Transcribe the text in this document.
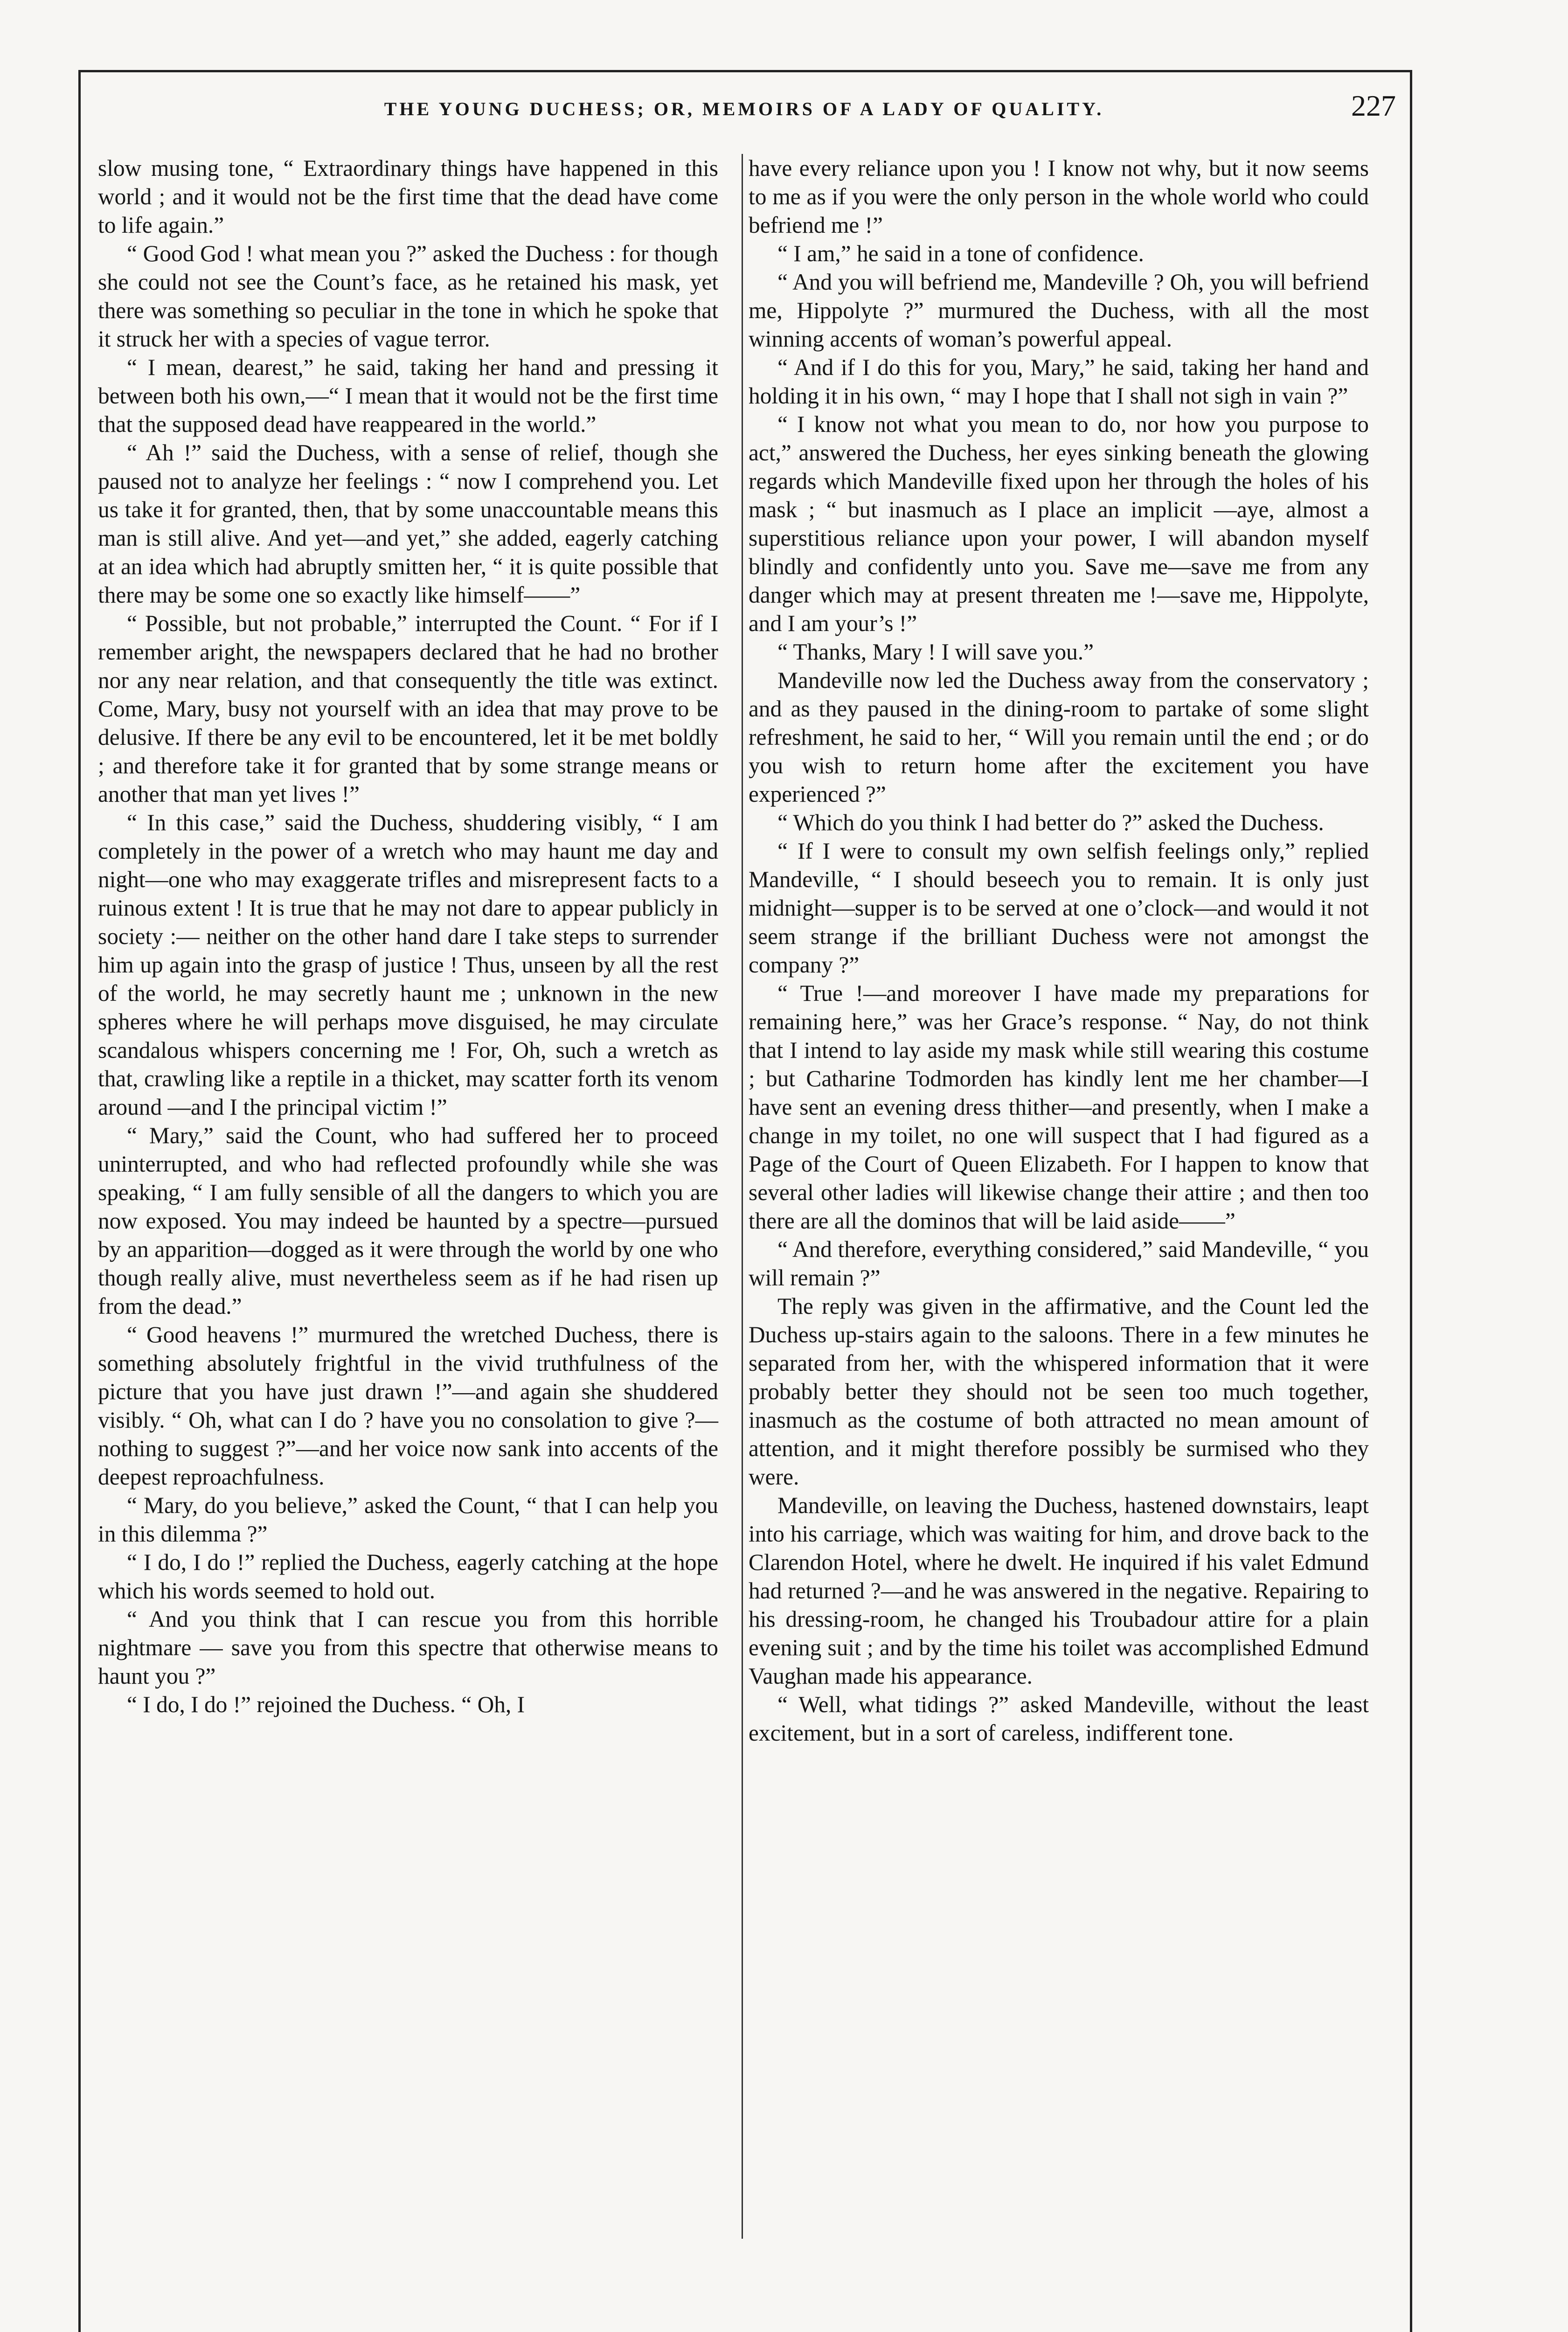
THE YOUNG DUCHESS; OR, MEMOIRS OF A LADY OF QUALITY.	227

slow musing tone, “ Extraordinary things have happened in this world ; and it would not be the first time that the dead have come to life again.”

“ Good God ! what mean you ?” asked the Duchess : for though she could not see the Count’s face, as he retained his mask, yet there was something so peculiar in the tone in which he spoke that it struck her with a species of vague terror.

“ I mean, dearest,” he said, taking her hand and pressing it between both his own,—“ I mean that it would not be the first time that the supposed dead have reappeared in the world.”

“ Ah !” said the Duchess, with a sense of relief, though she paused not to analyze her feelings : “ now I comprehend you. Let us take it for granted, then, that by some unaccountable means this man is still alive. And yet—and yet,” she added, eagerly catching at an idea which had abruptly smitten her, “ it is quite possible that there may be some one so exactly like himself——”

“ Possible, but not probable,” interrupted the Count. “ For if I remember aright, the newspapers declared that he had no brother nor any near relation, and that consequently the title was extinct. Come, Mary, busy not yourself with an idea that may prove to be delusive. If there be any evil to be encountered, let it be met boldly ; and therefore take it for granted that by some strange means or another that man yet lives !”

“ In this case,” said the Duchess, shuddering visibly, “ I am completely in the power of a wretch who may haunt me day and night—one who may exaggerate trifles and misrepresent facts to a ruinous extent ! It is true that he may not dare to appear publicly in society :— neither on the other hand dare I take steps to surrender him up again into the grasp of justice ! Thus, unseen by all the rest of the world, he may secretly haunt me ; unknown in the new spheres where he will perhaps move disguised, he may circulate scandalous whispers concerning me ! For, Oh, such a wretch as that, crawling like a reptile in a thicket, may scatter forth its venom around —and I the principal victim !”

“ Mary,” said the Count, who had suffered her to proceed uninterrupted, and who had reflected profoundly while she was speaking, “ I am fully sensible of all the dangers to which you are now exposed. You may indeed be haunted by a spectre—pursued by an apparition—dogged as it were through the world by one who though really alive, must nevertheless seem as if he had risen up from the dead.”

“ Good heavens !” murmured the wretched Duchess, there is something absolutely frightful in the vivid truthfulness of the picture that you have just drawn !”—and again she shuddered visibly. “ Oh, what can I do ? have you no consolation to give ?—nothing to suggest ?”—and her voice now sank into accents of the deepest reproachfulness.

“ Mary, do you believe,” asked the Count, “ that I can help you in this dilemma ?”

“ I do, I do !” replied the Duchess, eagerly catching at the hope which his words seemed to hold out.

“ And you think that I can rescue you from this horrible nightmare — save you from this spectre that otherwise means to haunt you ?”

“ I do, I do !” rejoined the Duchess. “ Oh, I

have every reliance upon you ! I know not why, but it now seems to me as if you were the only person in the whole world who could befriend me !”

“ I am,” he said in a tone of confidence.

“ And you will befriend me, Mandeville ? Oh, you will befriend me, Hippolyte ?” murmured the Duchess, with all the most winning accents of woman’s powerful appeal.

“ And if I do this for you, Mary,” he said, taking her hand and holding it in his own, “ may I hope that I shall not sigh in vain ?”

“ I know not what you mean to do, nor how you purpose to act,” answered the Duchess, her eyes sinking beneath the glowing regards which Mandeville fixed upon her through the holes of his mask ; “ but inasmuch as I place an implicit —aye, almost a superstitious reliance upon your power, I will abandon myself blindly and confidently unto you. Save me—save me from any danger which may at present threaten me !—save me, Hippolyte, and I am your’s !”

“ Thanks, Mary ! I will save you.”

Mandeville now led the Duchess away from the conservatory ; and as they paused in the dining-room to partake of some slight refreshment, he said to her, “ Will you remain until the end ; or do you wish to return home after the excitement you have experienced ?”

“ Which do you think I had better do ?” asked the Duchess.

“ If I were to consult my own selfish feelings only,” replied Mandeville, “ I should beseech you to remain. It is only just midnight—supper is to be served at one o’clock—and would it not seem strange if the brilliant Duchess were not amongst the company ?”

“ True !—and moreover I have made my preparations for remaining here,” was her Grace’s response. “ Nay, do not think that I intend to lay aside my mask while still wearing this costume ; but Catharine Todmorden has kindly lent me her chamber—I have sent an evening dress thither—and presently, when I make a change in my toilet, no one will suspect that I had figured as a Page of the Court of Queen Elizabeth. For I happen to know that several other ladies will likewise change their attire ; and then too there are all the dominos that will be laid aside——”

“ And therefore, everything considered,” said Mandeville, “ you will remain ?”

The reply was given in the affirmative, and the Count led the Duchess up-stairs again to the saloons. There in a few minutes he separated from her, with the whispered information that it were probably better they should not be seen too much together, inasmuch as the costume of both attracted no mean amount of attention, and it might therefore possibly be surmised who they were.

Mandeville, on leaving the Duchess, hastened downstairs, leapt into his carriage, which was waiting for him, and drove back to the Clarendon Hotel, where he dwelt. He inquired if his valet Edmund had returned ?—and he was answered in the negative. Repairing to his dressing-room, he changed his Troubadour attire for a plain evening suit ; and by the time his toilet was accomplished Edmund Vaughan made his appearance.

“ Well, what tidings ?” asked Mandeville, without the least excitement, but in a sort of careless, indifferent tone.
